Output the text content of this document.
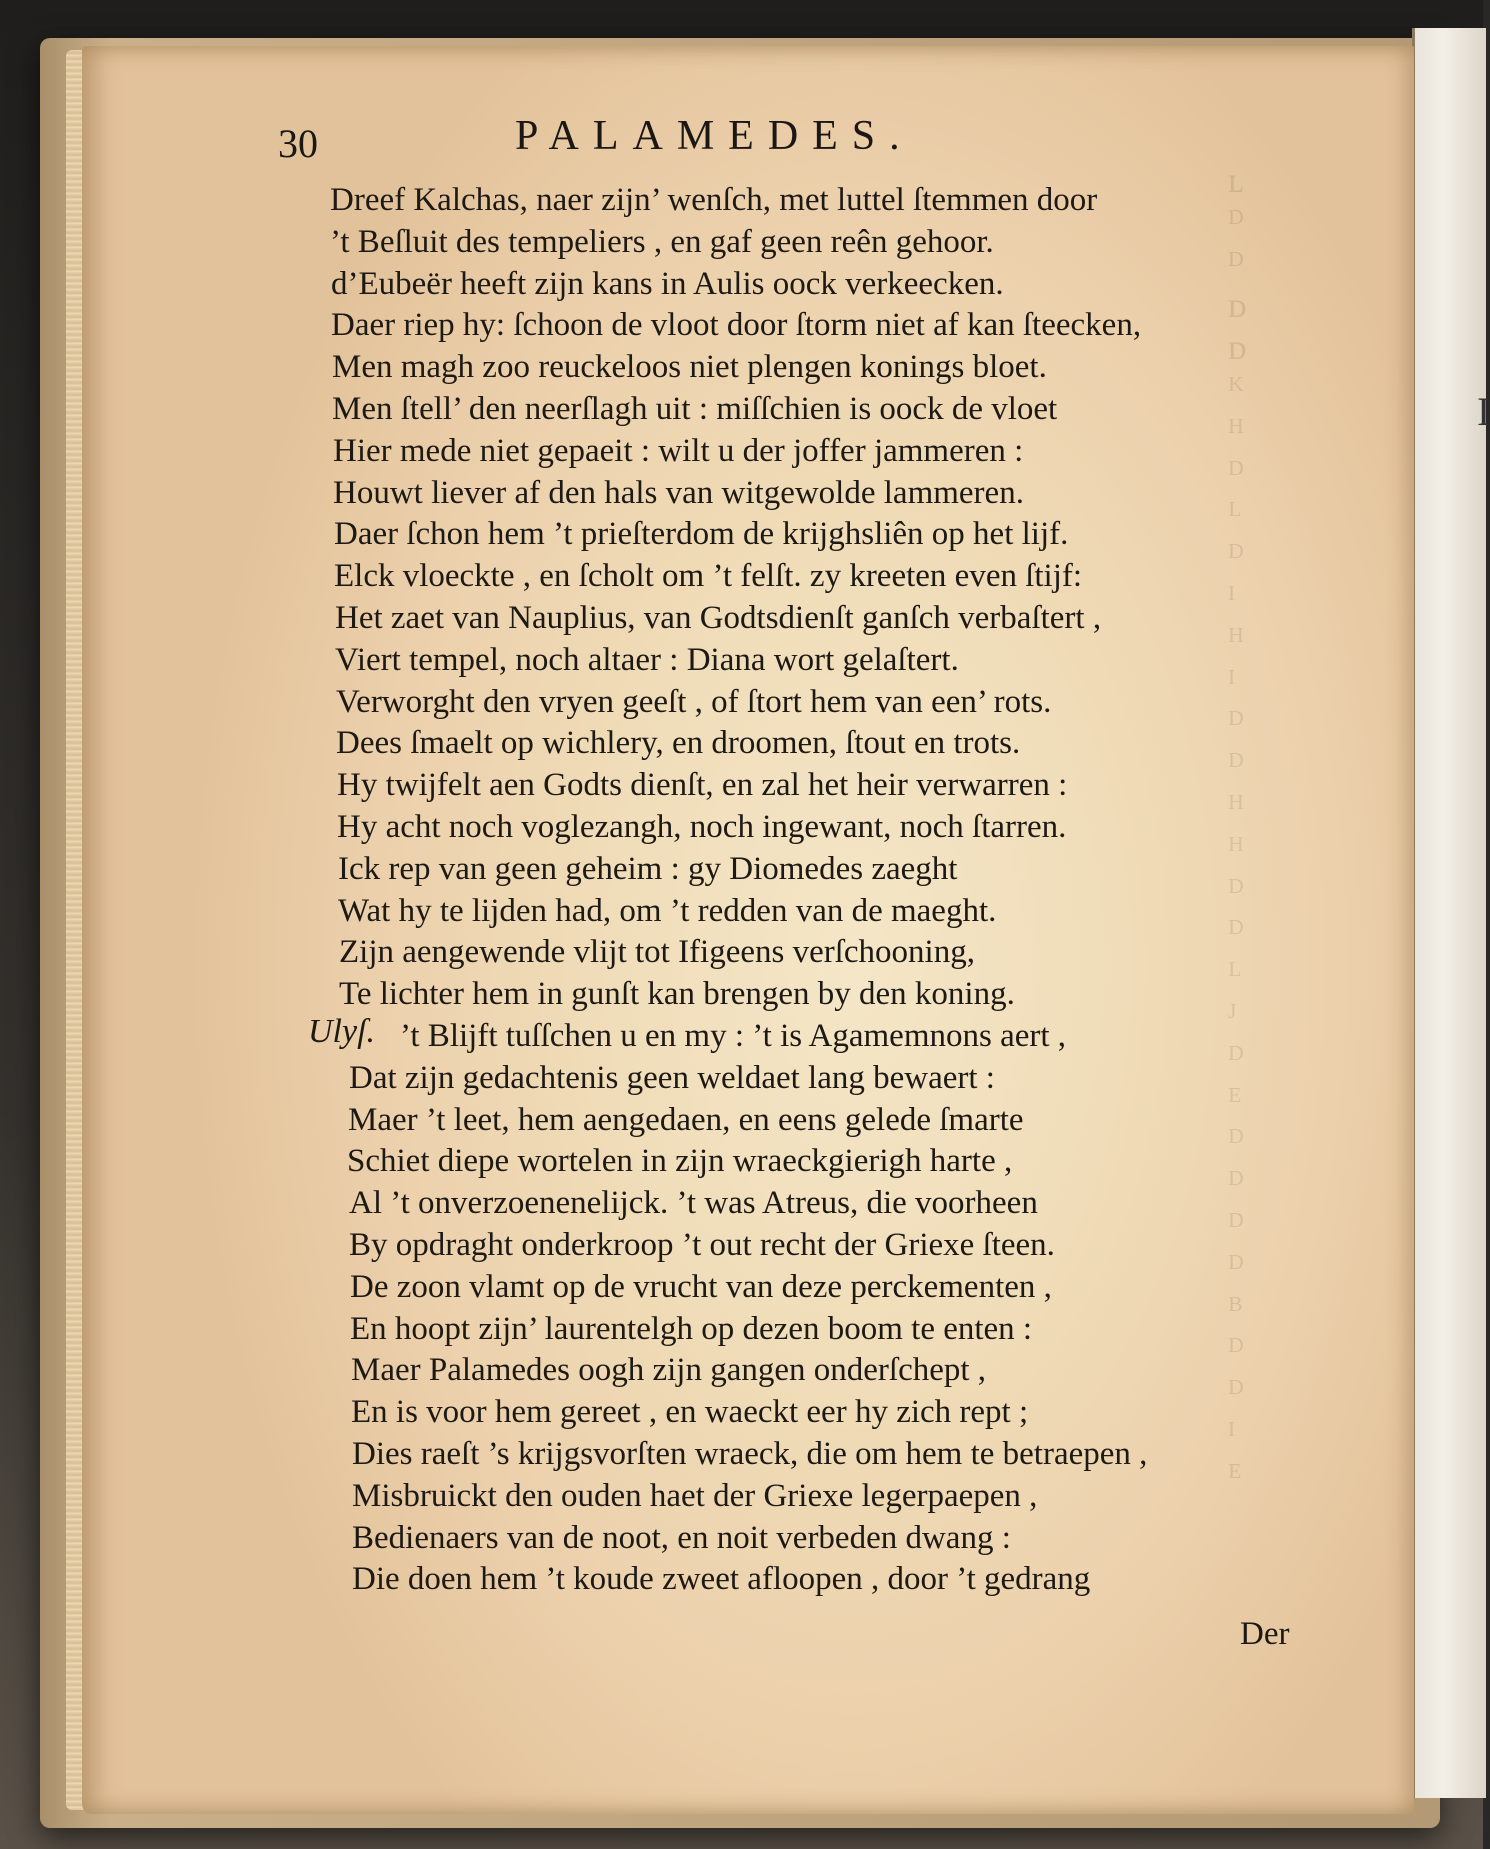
I
ʟ
ᴰ
ᴰ
ᴅ
ᴅ
ᴷ
ᴴ
ᴰ
ᴸ
ᴰ
ᴵ
ᴴ
ᴵ
ᴰ
ᴰ
ᴴ
ᴴ
ᴰ
ᴰ
ᴸ
ᴶ
ᴰ
ᴱ
ᴰ
ᴰ
ᴰ
ᴰ
ᴮ
ᴰ
ᴰ
ᴵ
ᴱ
30	PALAMEDES.
Dreef Kalchas, naer zijn’ wenſch, met luttel ſtemmen door
’t Beſluit des tempeliers , en gaf geen reên gehoor.
d’Eubeër heeft zijn kans in Aulis oock verkeecken.
Daer riep hy: ſchoon de vloot door ſtorm niet af kan ſteecken,
Men magh zoo reuckeloos niet plengen konings bloet.
Men ſtell’ den neerſlagh uit : miſſchien is oock de vloet
Hier mede niet gepaeit : wilt u der joffer jammeren :
Houwt liever af den hals van witgewolde lammeren.
Daer ſchon hem ’t prieſterdom de krijghsliên op het lijf.
Elck vloeckte , en ſcholt om ’t felſt. zy kreeten even ſtijf:
Het zaet van Nauplius, van Godtsdienſt ganſch verbaſtert ,
Viert tempel, noch altaer : Diana wort gelaſtert.
Verworght den vryen geeſt , of ſtort hem van een’ rots.
Dees ſmaelt op wichlery, en droomen, ſtout en trots.
Hy twijfelt aen Godts dienſt, en zal het heir verwarren :
Hy acht noch voglezangh, noch ingewant, noch ſtarren.
Ick rep van geen geheim : gy Diomedes zaeght
Wat hy te lijden had, om ’t redden van de maeght.
Zijn aengewende vlijt tot Ifigeens verſchooning,
Te lichter hem in gunſt kan brengen by den koning.
Ulyſ. ’t Blijft tuſſchen u en my : ’t is Agamemnons aert ,
Dat zijn gedachtenis geen weldaet lang bewaert :
Maer ’t leet, hem aengedaen, en eens gelede ſmarte
Schiet diepe wortelen in zijn wraeckgierigh harte ,
Al ’t onverzoenenelijck. ’t was Atreus, die voorheen
By opdraght onderkroop ’t out recht der Griexe ſteen.
De zoon vlamt op de vrucht van deze perckementen ,
En hoopt zijn’ laurentelgh op dezen boom te enten :
Maer Palamedes oogh zijn gangen onderſchept ,
En is voor hem gereet , en waeckt eer hy zich rept ;
Dies raeſt ’s krijgsvorſten wraeck, die om hem te betraepen ,
Misbruickt den ouden haet der Griexe legerpaepen ,
Bedienaers van de noot, en noit verbeden dwang :
Die doen hem ’t koude zweet afloopen , door ’t gedrang
Der
